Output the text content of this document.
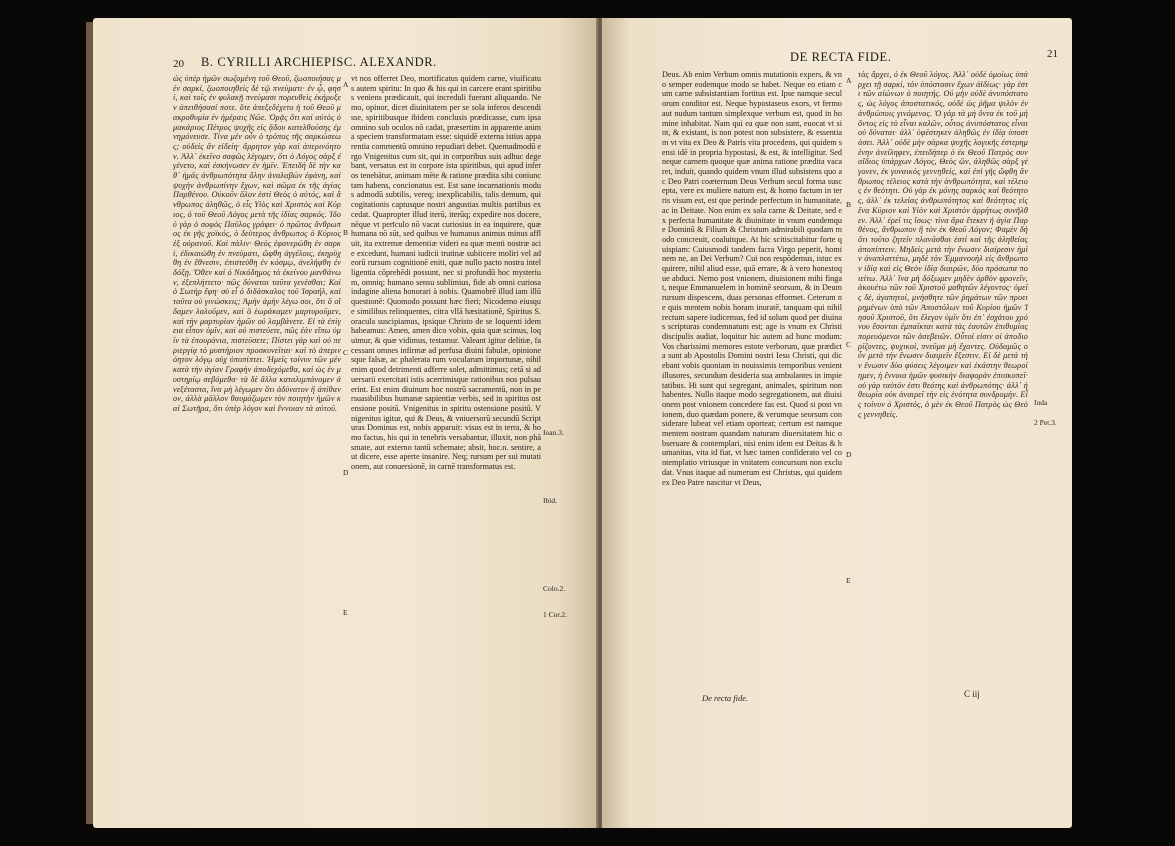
20 B. CYRILLI ARCHIEPISC. ALEXANDR.
ὡς ὑπὲρ ἡμῶν σωζομένη τοῦ Θεοῦ, ζωοποιήσας μὲν σαρκί, ζωοποιηθεὶς δὲ τῷ πνεύματι· ἐν ᾧ, φησί, καὶ τοῖς ἐν φυλακῇ πνεύμασι πορευθεὶς ἐκήρυξεν ἀπειθήσασί ποτε. ὅτε ἀπεξεδέχετο ἡ τοῦ Θεοῦ μακροθυμία ἐν ἡμέραις Νῶε. Ὁρᾷς ὅτι καὶ αὐτὸς ὁ μακάριος Πέτρος ψυχῆς εἰς ᾅδου κατελθούσης ἐμνημόνευσε. Τίνα μὲν οὖν ὁ τρόπος τῆς σαρκώσεως; οὐδεὶς ἂν εἰδείη· ἄρρητον γὰρ καὶ ἀπερινόητον. Ἀλλ᾽ ἐκεῖνο σαφῶς λέγομεν, ὅτι ὁ Λόγος σὰρξ ἐγένετο, καὶ ἐσκήνωσεν ἐν ἡμῖν. Ἐπειδὴ δὲ τὴν καθ᾽ ἡμᾶς ἀνθρωπότητα ὅλην ἀναλαβὼν ἐφάνη, καὶ ψυχὴν ἀνθρωπίνην ἔχων, καὶ σῶμα ἐκ τῆς ἁγίας Παρθένου. Οὐκοῦν ὅλον ἐστὶ Θεὸς ὁ αὐτός, καὶ ἄνθρωπος ἀληθῶς, ὁ εἷς Υἱὸς καὶ Χριστὸς καὶ Κύριος, ὁ τοῦ Θεοῦ Λόγος μετὰ τῆς ἰδίας σαρκός. Ἰδοὺ γὰρ ὁ σοφὸς Παῦλος γράφει· ὁ πρῶτος ἄνθρωπος ἐκ γῆς χοϊκός, ὁ δεύτερος ἄνθρωπος ὁ Κύριος ἐξ οὐρανοῦ. Καὶ πάλιν· Θεὸς ἐφανερώθη ἐν σαρκί, ἐδικαιώθη ἐν πνεύματι, ὤφθη ἀγγέλοις, ἐκηρύχθη ἐν ἔθνεσιν, ἐπιστεύθη ἐν κόσμῳ, ἀνελήφθη ἐν δόξῃ. Ὅθεν καὶ ὁ Νικόδημος τὰ ἐκείνου μανθάνων, ἐξεπλήττετο· πῶς δύναται ταῦτα γενέσθαι; Καὶ ὁ Σωτὴρ ἔφη· σὺ εἶ ὁ διδάσκαλος τοῦ Ἰσραήλ, καὶ ταῦτα οὐ γινώσκεις; Ἀμὴν ἀμὴν λέγω σοι, ὅτι ὃ οἴδαμεν λαλοῦμεν, καὶ ὃ ἑωράκαμεν μαρτυροῦμεν, καὶ τὴν μαρτυρίαν ἡμῶν οὐ λαμβάνετε. Εἰ τὰ ἐπίγεια εἶπον ὑμῖν, καὶ οὐ πιστεύετε, πῶς ἐὰν εἴπω ὑμῖν τὰ ἐπουράνια, πιστεύσετε; Πίστει γὰρ καὶ οὐ περιεργίᾳ τὸ μυστήριον προσκυνεῖται· καὶ τὸ ἀπερινόητον λόγῳ οὐχ ὑποπίπτει. Ἡμεῖς τοίνυν τῶν μὲν κατὰ τὴν ἁγίαν Γραφὴν ἀποδεχόμεθα, καὶ ὡς ἐν μυστηρίῳ σεβόμεθα· τὰ δὲ ἄλλα καταλιμπάνομεν ἀνεξέταστα, ἵνα μὴ λέγωμεν ὅτι ἀδύνατον ἢ ἀπίθανον, ἀλλὰ μᾶλλον θαυμάζωμεν τὸν ποιητὴν ἡμῶν καὶ Σωτῆρα, ὅτι ὑπὲρ λόγον καὶ ἔννοιαν τὰ αὐτοῦ.
vt nos offerret Deo, mortificatus quidem carne, viuificatus autem spiritu: In quo & his qui in carcere erant spiritibus veniens prædicauit, qui increduli fuerant aliquando. Nemo, opinor, dicet diuinitatem per se sola inferos descendisse, spiritibusque ibidem conclusis prædicasse, cum ipsa omnino sub oculos nō cadat, præsertim in apparente anima speciem transformatam esse: siquidē externa istius apparentia commentū omnino repudiari debet. Quemadmodū ergo Vnigenitus cum sit, qui in corporibus suis adhuc degebant, versatus est in corpore ista spiritibus, qui apud inferos tenebātur, animam mēte & ratione prædita sibi coniunctam habens, concionatus est. Est sane incarnationis modus admodū subtilis, vereq; inexplicabilis, talis demum, qui cogitationis captusque nostri angustias multis partibus excedat. Quapropter illud iterū, iterūq; expedire nos docere, nēque vt perīculo nō vacat curiosius in ea inquirere, quæ humana nō sūt, sed quibus ve humanus animus minus affluit, ita extremæ dementiæ videri ea quæ menti nostræ acie excedunt, humani iudicii trutinæ subiicere moliri vel ad eorū rursum cognitionē eniti, quæ nullo pacto nostra intelligentia cōprehēdi possunt, nec si profundū hoc mysterium, omniq; humano sensu sublimius, fide ab omni curiosa indagine aliena honorari à nobis. Quamobrē illud iam illū questionē: Quomodo possunt hæc fieri; Nicodemo eiusque similibus relinquentes, citra vllā hæsitationē, Spiritus S. oracula suscipiamus, ipsique Christo de se loquenti idem habeamus: Amen, amen dico vobis, quia quæ scimus, loquimur, & quæ vidimus, testamur. Valeant igitur delitiæ, facessant omnes infirmæ ad perfusa diuini fabulæ, opinionesque falsæ, ac phalerata rum vocularum importunæ, nihil enim quod detrimenti adferre solet, admittimus; cetā si aduersarii exercitati istis acerrimisque rationibus nos pulsauerint. Est enim diuinum hoc nostrū sacramentū, non in persuasibilibus humanæ sapientiæ verbis, sed in spiritus ostensione positū. Vnigenitus in spiritu ostensione positū. Vnigenitus igitur, qui & Deus, & vniuersorū secundū Scripturas Dominus est, nobis apparuit: visus est in terra, & homo factus, his qui in tenebris versabantur, illuxit, non phāsmate, aut externo tantū schemate; absit, hoc.n. sentire, aut dicere, esse aperte insanire. Neq; rursum per sui mutationem, aut conuersionē, in carnē transformatus est.
A
B
C
D
E
Ioan.3.
Ibid.
Colo.2.
1 Cor.2.
DE RECTA FIDE.	21
Deus. Ab enim Verbum omnis mutationis expers, & vno semper eodemque modo se habet. Neque eo etiam cum carne subsistantiam fortitus est. Ipse namque seculorum conditor est. Neque hypostaseos exors, vt fermo aut nudum tantum simplexque verbum est, quod in homine inhabitat. Nam qui ea quæ non sunt, euocat vt sint, & existant, is non potest non subsistere, & essentiam vt vita ex Deo & Patris vita procedens, qui quidem sensi idē in propria hypostasi, & est, & intelligitur. Sed neque carnem quoque quæ anima ratione prædita vacaret, induit, quando quidem vnum illud subsistens quo ac Deo Patri coæternum Deus Verbum secul forma suscepta, vere ex muliere natum est, & homo factum in terris visum est, est que perinde perfectum in humanitate, ac in Deitate. Non enim ex sola carne & Deitate, sed ex perfecta humanitate & diuinitate in vnum eundemque Dominū & Filium & Christum admirabili quodam modo concreuit, coaluitque. At hic scitiscitabitur forte quispiam: Cuiusmodi tandem facra Virgo peperit, hominem ne, an Dei Verbum? Cui nos respōdemus, istuc exquirere, nihil aliud esse, quā errare, & à vero honestoque abduci. Nemo post vnionem, diuisionem mihi fingat, neque Emmanuelem in hominē seorsum, & in Deum rursum dispescens, duas personas efformet. Ceterum ne quis mentem nobis horam inuratē, tanquam qui nihil rectum sapere iudicemus, fed id solum quod per diuinas scripturas condemnatum est; age is vnum ex Christi discipulis audiat, loquitur hic autem ad hunc modum: Vos charissimi memores estote verborum, quæ prædicta sunt ab Apostolis Domini nostri Iesu Christi, qui dicebant vobis quoniam in nouissimis temporibus venient illusores, secundum desideria sua ambulantes in impietatibus. Hi sunt qui segregant, animales, spiritum non habentes. Nullo itaque modo segregationem, aut diuisionem post vnionem concedere fas est. Quod si post vnionem, duo quædam ponere, & verumque seorsum considerare lubeat vel etiam oporteat; certum est namque mentem nostram quandam naturam diuersitatem hic obseruare & contemplari, nisi enim idem est Deitas & humanitas, vita id fiat, vt hæc tamen confiderato vel contemplatio vtriusque in vnitatem concursum non excludat. Vnus itaque ad numerum est Christus, qui quidem ex Deo Patre nascitur vt Deus,
τὰς ἄρχει, ὁ ἐκ Θεοῦ λόγος. Ἀλλ᾽ οὐδὲ ὁμοίως ὑπάρχει τῇ σαρκί, τὸν ὑπόστασιν ἔχων ἀϊδίως· γὰρ ἐστι τῶν αἰώνων ὁ ποιητής. Οὐ μὴν οὐδὲ ἀνυπόστατος, ὡς λόγος ἀποστατικός, οὐδὲ ὡς ῥῆμα ψιλὸν ἐν ἀνθρώποις γινόμενος. Ὁ γὰρ τὰ μὴ ὄντα ἐκ τοῦ μὴ ὄντος εἰς τὸ εἶναι καλῶν, οὗτος ἀνυπόστατος εἶναι οὐ δύναται· ἀλλ᾽ ὑφέστηκεν ἀληθῶς ἐν ἰδίᾳ ὑποστάσει. Ἀλλ᾽ οὐδὲ μὴν σάρκα ψυχῆς λογικῆς ἐστερημένην ἀνείληφεν, ἐπειδήπερ ὁ ἐκ Θεοῦ Πατρὸς συναΐδιος ὑπάρχων Λόγος, Θεὸς ὢν, ἀληθῶς σὰρξ γέγονεν, ἐκ γυναικὸς γεννηθείς, καὶ ἐπὶ γῆς ὤφθη ἄνθρωπος τέλειος κατὰ τὴν ἀνθρωπότητα, καὶ τέλειος ἐν θεότητι. Οὐ γὰρ ἐκ μόνης σαρκὸς καὶ θεότητος, ἀλλ᾽ ἐκ τελείας ἀνθρωπότητος καὶ θεότητος εἰς ἕνα Κύριον καὶ Υἱὸν καὶ Χριστὸν ἀρρήτως συνῆλθεν. Ἀλλ᾽ ἐρεῖ τις ἴσως· τίνα ἄρα ἔτεκεν ἡ ἁγία Παρθένος, ἄνθρωπον ἢ τὸν ἐκ Θεοῦ Λόγον; Φαμὲν δὴ ὅτι τοῦτο ζητεῖν πλανᾶσθαι ἐστὶ καὶ τῆς ἀληθείας ἀποπίπτειν. Μηδεὶς μετὰ τὴν ἕνωσιν διαίρεσιν ἡμῖν ἀναπλαττέτω, μηδὲ τὸν Ἐμμανουὴλ εἰς ἄνθρωπον ἰδίᾳ καὶ εἰς Θεὸν ἰδίᾳ διαιρῶν, δύο πρόσωπα ποιείτω. Ἀλλ᾽ ἵνα μὴ δόξωμεν μηδὲν ὀρθὸν φρονεῖν, ἀκουέτω τῶν τοῦ Χριστοῦ μαθητῶν λέγοντος· ὑμεῖς δέ, ἀγαπητοί, μνήσθητε τῶν ῥημάτων τῶν προειρημένων ὑπὸ τῶν Ἀποστόλων τοῦ Κυρίου ἡμῶν Ἰησοῦ Χριστοῦ, ὅτι ἔλεγον ὑμῖν ὅτι ἐπ᾽ ἐσχάτου χρόνου ἔσονται ἐμπαῖκται κατὰ τὰς ἑαυτῶν ἐπιθυμίας πορευόμενοι τῶν ἀσεβειῶν. Οὗτοί εἰσιν οἱ ἀποδιορίζοντες, ψυχικοί, πνεῦμα μὴ ἔχοντες. Οὐδαμῶς οὖν μετὰ τὴν ἕνωσιν διαιρεῖν ἔξεστιν. Εἰ δὲ μετὰ τὴν ἕνωσιν δύο φύσεις λέγοιμεν καὶ ἑκάστην θεωροίημεν, ἡ ἔννοια ἡμῶν φυσικὴν διαφορὰν ἐπισκοπεῖ· οὐ γὰρ ταὐτόν ἐστι θεότης καὶ ἀνθρωπότης· ἀλλ᾽ ἡ θεωρία οὐκ ἀναιρεῖ τὴν εἰς ἑνότητα συνδρομήν. Εἷς τοίνυν ὁ Χριστός, ὁ μὲν ἐκ Θεοῦ Πατρὸς ὡς Θεὸς γεννηθείς.
A
B
C
D
E
Iuda
2 Pet.3.
De recta fide.	C iij
